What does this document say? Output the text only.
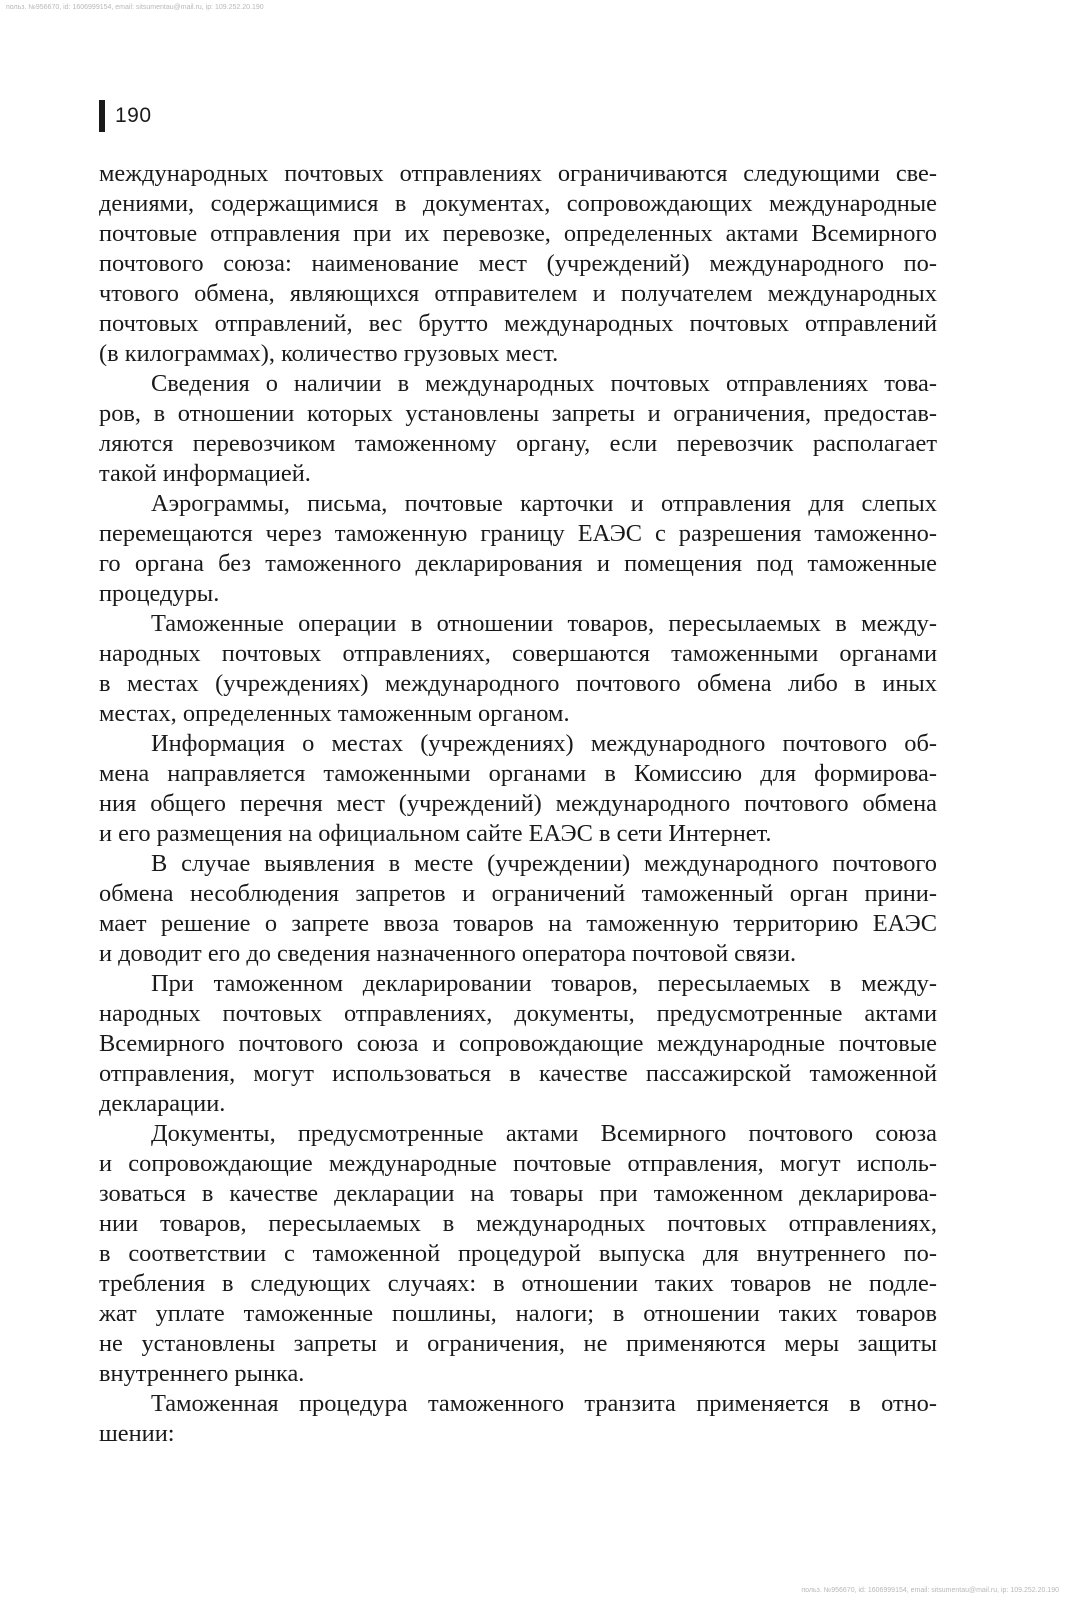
польз. №956670, id: 1606999154, email: sitsumentau@mail.ru, ip: 109.252.20.190
190
международных почтовых отправлениях ограничиваются следующими све-
дениями, содержащимися в документах, сопровождающих международные
почтовые отправления при их перевозке, определенных актами Всемирного
почтового союза: наименование мест (учреждений) международного по-
чтового обмена, являющихся отправителем и получателем международных
почтовых отправлений, вес брутто международных почтовых отправлений
(в килограммах), количество грузовых мест.
Сведения о наличии в международных почтовых отправлениях това-
ров, в отношении которых установлены запреты и ограничения, предостав-
ляются перевозчиком таможенному органу, если перевозчик располагает
такой информацией.
Аэрограммы, письма, почтовые карточки и отправления для слепых
перемещаются через таможенную границу ЕАЭС с разрешения таможенно-
го органа без таможенного декларирования и помещения под таможенные
процедуры.
Таможенные операции в отношении товаров, пересылаемых в между-
народных почтовых отправлениях, совершаются таможенными органами
в местах (учреждениях) международного почтового обмена либо в иных
местах, определенных таможенным органом.
Информация о местах (учреждениях) международного почтового об-
мена направляется таможенными органами в Комиссию для формирова-
ния общего перечня мест (учреждений) международного почтового обмена
и его размещения на официальном сайте ЕАЭС в сети Интернет.
В случае выявления в месте (учреждении) международного почтового
обмена несоблюдения запретов и ограничений таможенный орган прини-
мает решение о запрете ввоза товаров на таможенную территорию ЕАЭС
и доводит его до сведения назначенного оператора почтовой связи.
При таможенном декларировании товаров, пересылаемых в между-
народных почтовых отправлениях, документы, предусмотренные актами
Всемирного почтового союза и сопровождающие международные почтовые
отправления, могут использоваться в качестве пассажирской таможенной
декларации.
Документы, предусмотренные актами Всемирного почтового союза
и сопровождающие международные почтовые отправления, могут исполь-
зоваться в качестве декларации на товары при таможенном декларирова-
нии товаров, пересылаемых в международных почтовых отправлениях,
в соответствии с таможенной процедурой выпуска для внутреннего по-
требления в следующих случаях: в отношении таких товаров не подле-
жат уплате таможенные пошлины, налоги; в отношении таких товаров
не установлены запреты и ограничения, не применяются меры защиты
внутреннего рынка.
Таможенная процедура таможенного транзита применяется в отно-
шении:
польз. №956670, id: 1606999154, email: sitsumentau@mail.ru, ip: 109.252.20.190
